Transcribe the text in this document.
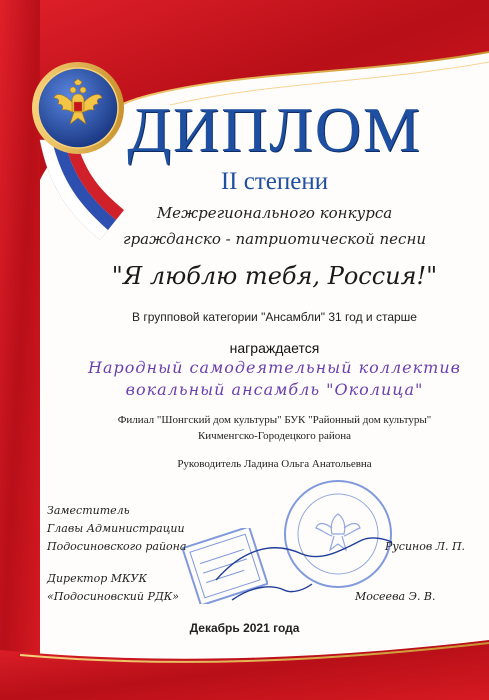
ДИПЛОМ
II степени
Межрегионального конкурса
гражданско - патриотической песни
"Я люблю тебя, Россия!"
В групповой категории "Ансамбли" 31 год и старше
награждается
Народный самодеятельный коллектив
вокальный ансамбль "Околица"
Филиал "Шонгский дом культуры" БУК "Районный дом культуры"
Кичменгско-Городецкого района
Руководитель Ладина Ольга Анатольевна
Заместитель
Главы Администрации
Подосиновского района	Русинов Л. П.
Директор МКУК
«Подосиновский РДК»	Мосеева Э. В.
Декабрь 2021 года
